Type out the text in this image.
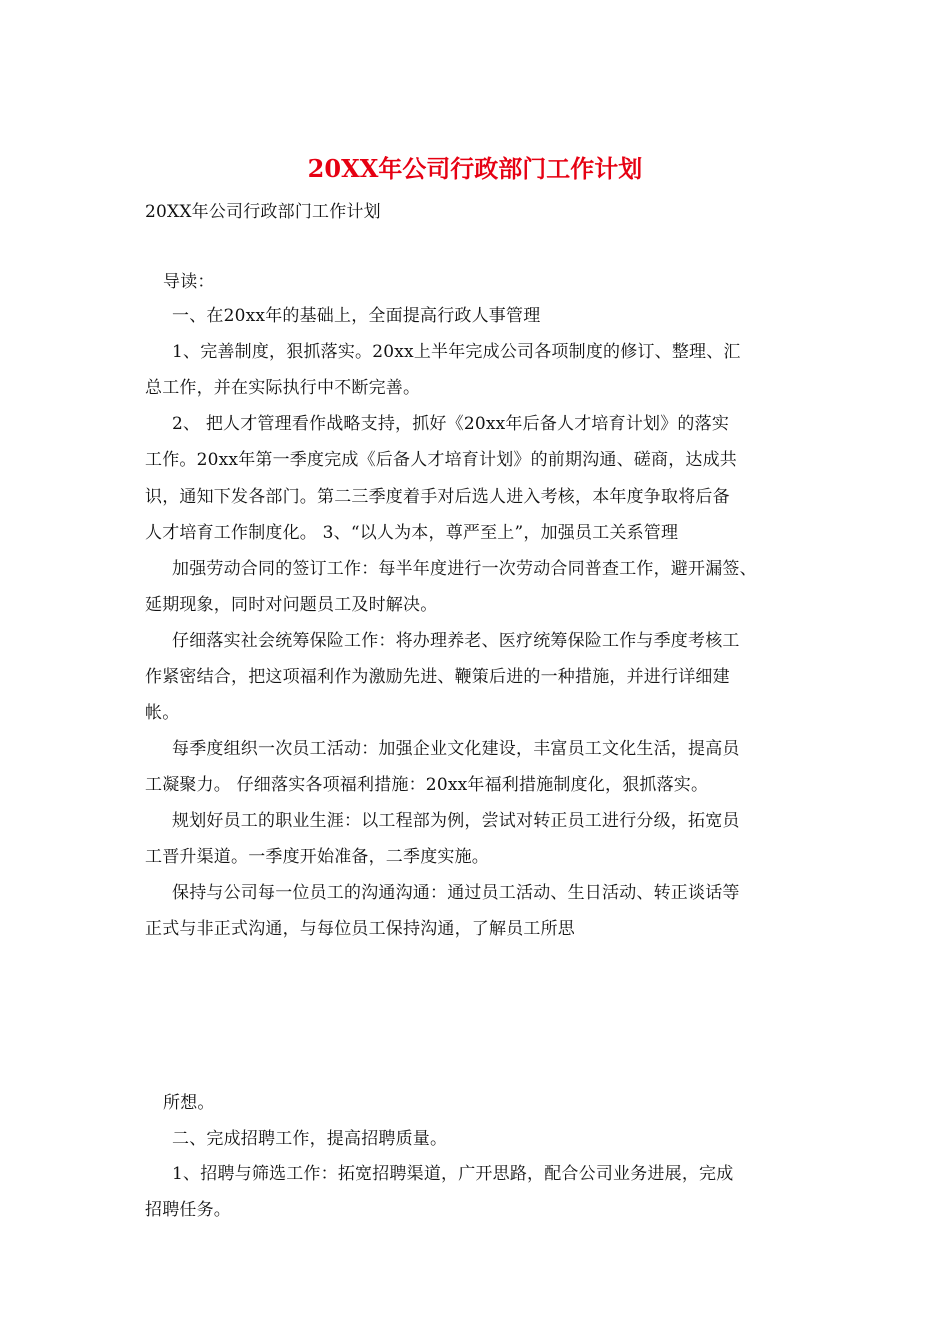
20XX年公司行政部门工作计划
20XX年公司行政部门工作计划
导读：
一、在20xx年的基础上，全面提高行政人事管理
1、完善制度，狠抓落实。20xx上半年完成公司各项制度的修订、整理、汇
总工作，并在实际执行中不断完善。
2、 把人才管理看作战略支持，抓好《20xx年后备人才培育计划》的落实
工作。20xx年第一季度完成《后备人才培育计划》的前期沟通、磋商，达成共
识，通知下发各部门。第二三季度着手对后选人进入考核，本年度争取将后备
人才培育工作制度化。 3、“以人为本，尊严至上”，加强员工关系管理
加强劳动合同的签订工作：每半年度进行一次劳动合同普查工作，避开漏签、
延期现象，同时对问题员工及时解决。
仔细落实社会统筹保险工作：将办理养老、医疗统筹保险工作与季度考核工
作紧密结合，把这项福利作为激励先进、鞭策后进的一种措施，并进行详细建
帐。
每季度组织一次员工活动：加强企业文化建设，丰富员工文化生活，提高员
工凝聚力。 仔细落实各项福利措施：20xx年福利措施制度化，狠抓落实。
规划好员工的职业生涯：以工程部为例，尝试对转正员工进行分级，拓宽员
工晋升渠道。一季度开始准备，二季度实施。
保持与公司每一位员工的沟通沟通：通过员工活动、生日活动、转正谈话等
正式与非正式沟通，与每位员工保持沟通，了解员工所思
所想。
二、完成招聘工作，提高招聘质量。
1、招聘与筛选工作：拓宽招聘渠道，广开思路，配合公司业务进展，完成
招聘任务。
